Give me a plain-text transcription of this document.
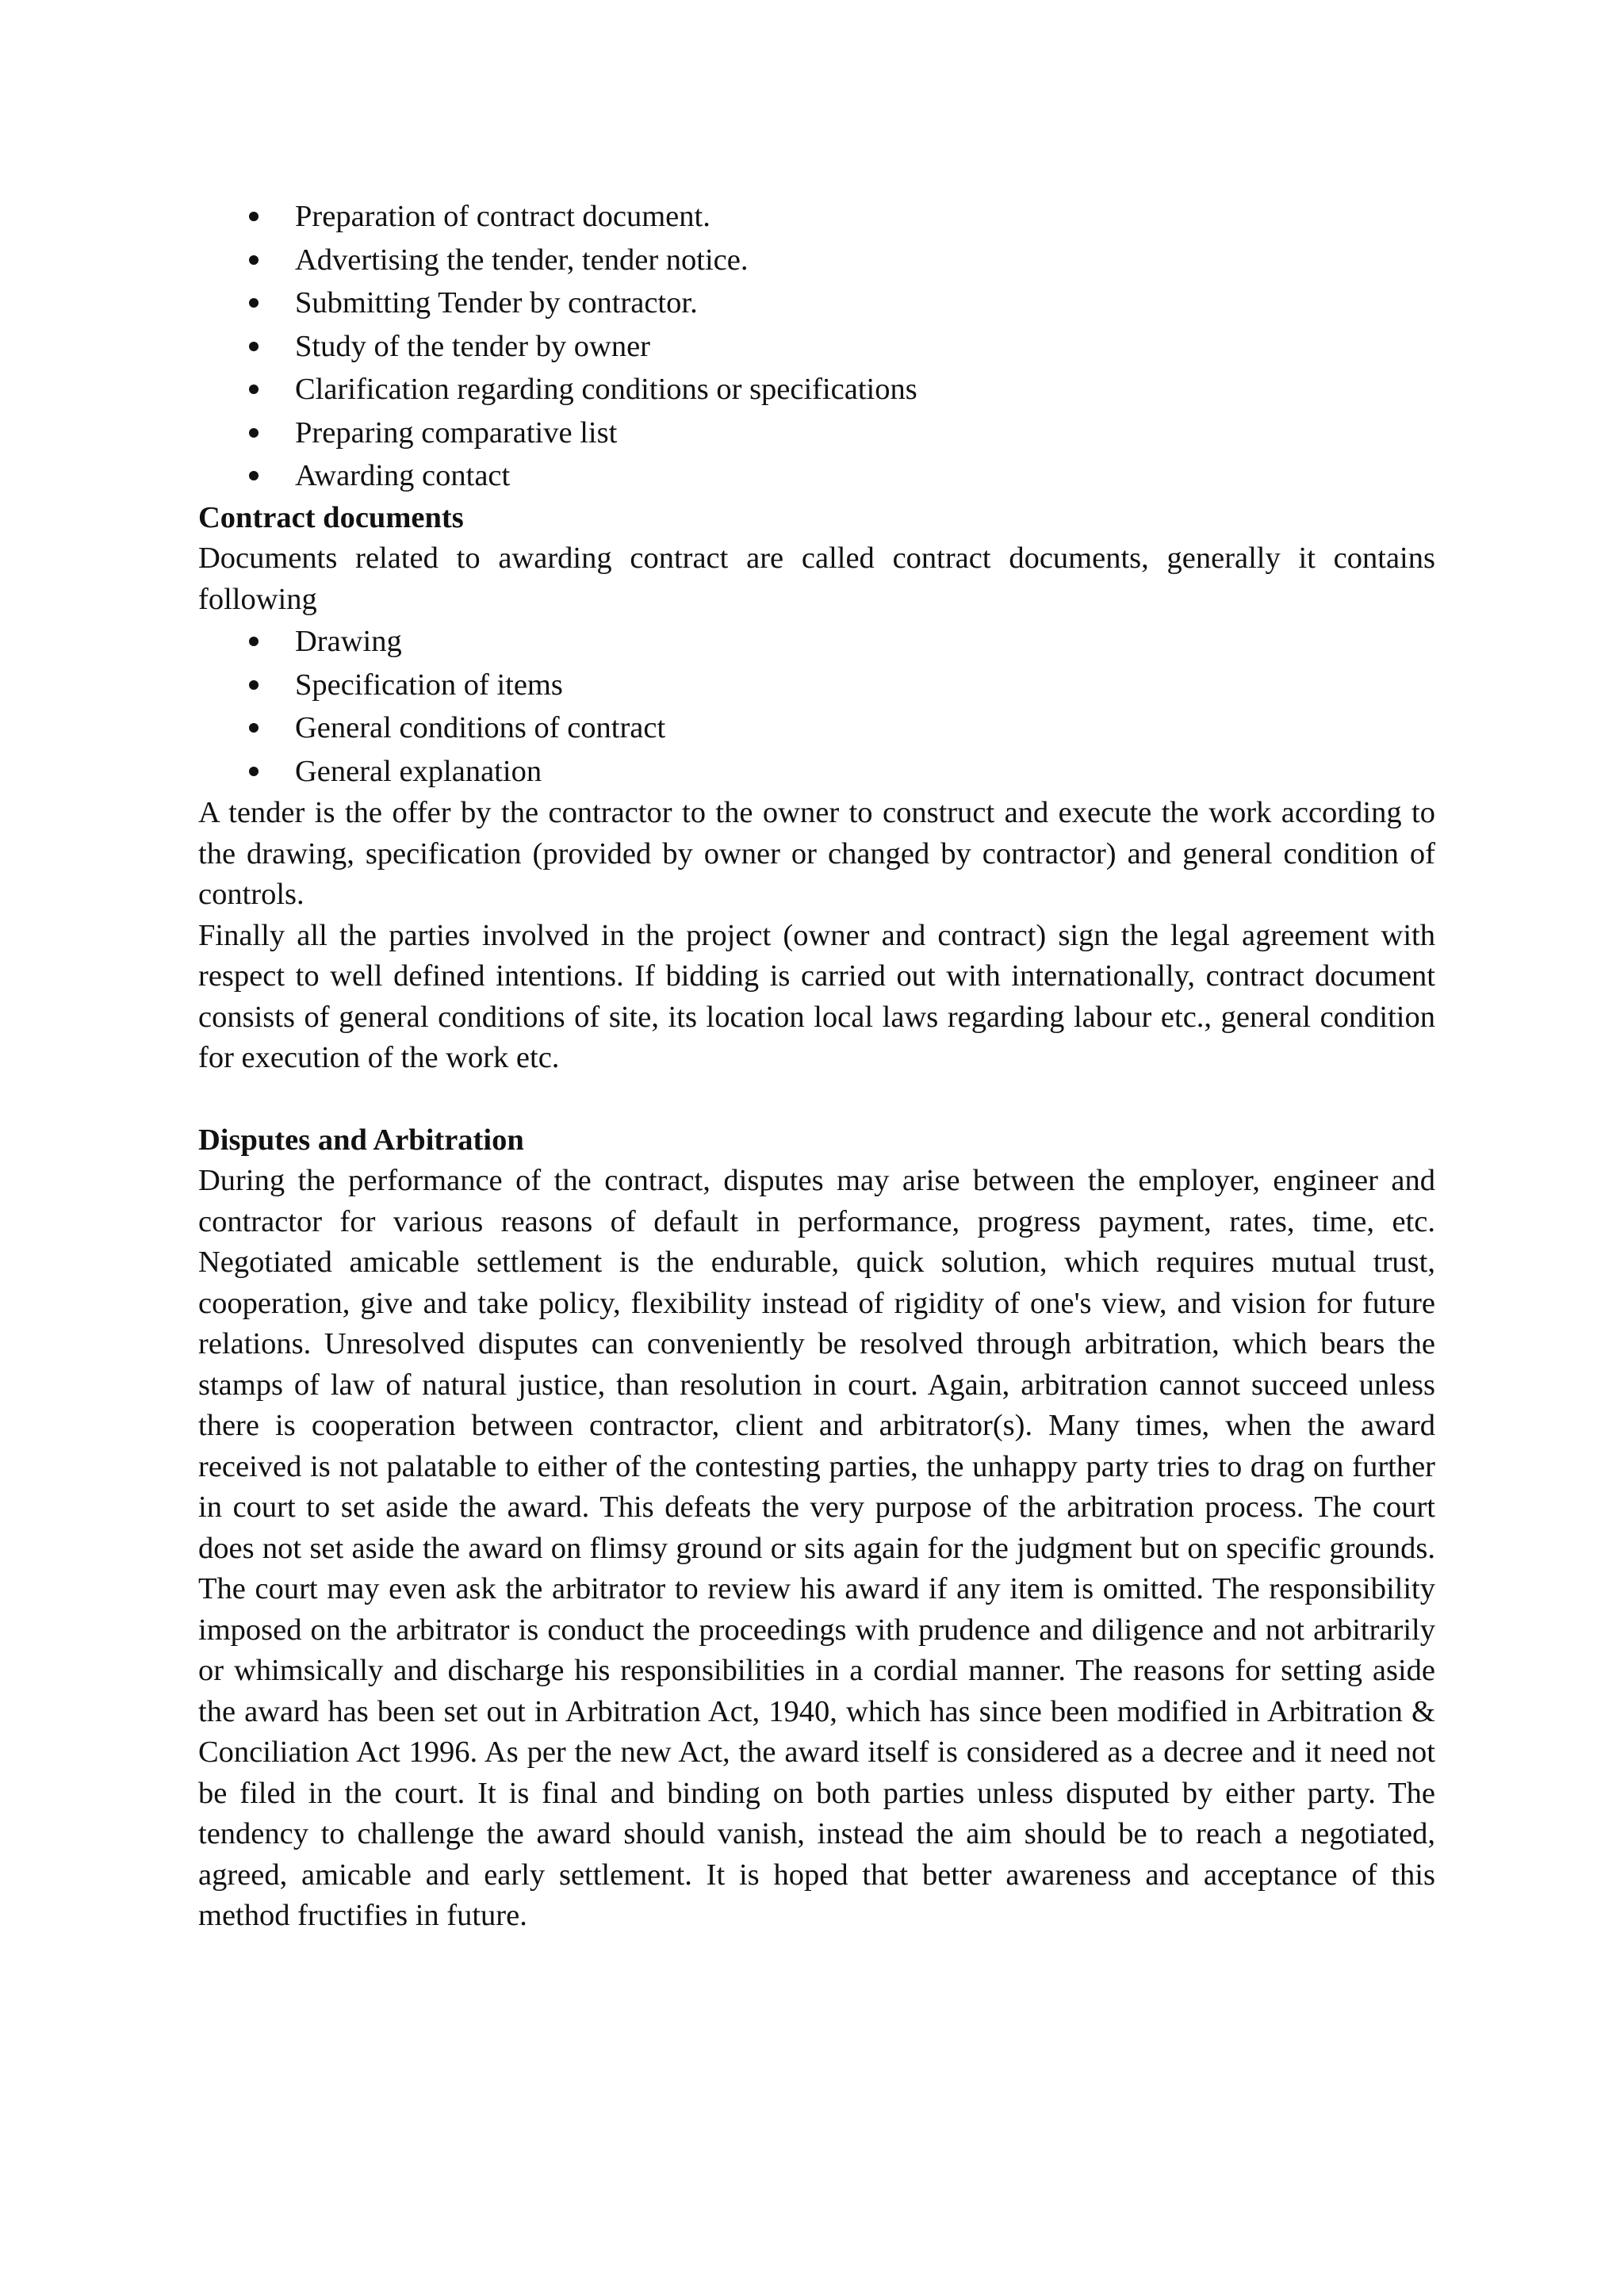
Preparation of contract document.
Advertising the tender, tender notice.
Submitting Tender by contractor.
Study of the tender by owner
Clarification regarding conditions or specifications
Preparing comparative list
Awarding contact
Contract documents

Documents related to awarding contract are called contract documents, generally it contains following

Drawing
Specification of items
General conditions of contract
General explanation

A tender is the offer by the contractor to the owner to construct and execute the work according to the drawing, specification (provided by owner or changed by contractor) and general condition of controls.

Finally all the parties involved in the project (owner and contract) sign the legal agreement with respect to well defined intentions. If bidding is carried out with internationally, contract document consists of general conditions of site, its location local laws regarding labour etc., general condition for execution of the work etc.

Disputes and Arbitration

During the performance of the contract, disputes may arise between the employer, engineer and contractor for various reasons of default in performance, progress payment, rates, time, etc. Negotiated amicable settlement is the endurable, quick solution, which requires mutual trust, cooperation, give and take policy, flexibility instead of rigidity of one's view, and vision for future relations. Unresolved disputes can conveniently be resolved through arbitration, which bears the stamps of law of natural justice, than resolution in court. Again, arbitration cannot succeed unless there is cooperation between contractor, client and arbitrator(s). Many times, when the award received is not palatable to either of the contesting parties, the unhappy party tries to drag on further in court to set aside the award. This defeats the very purpose of the arbitration process. The court does not set aside the award on flimsy ground or sits again for the judgment but on specific grounds. The court may even ask the arbitrator to review his award if any item is omitted. The responsibility imposed on the arbitrator is conduct the proceedings with prudence and diligence and not arbitrarily or whimsically and discharge his responsibilities in a cordial manner. The reasons for setting aside the award has been set out in Arbitration Act, 1940, which has since been modified in Arbitration & Conciliation Act 1996. As per the new Act, the award itself is considered as a decree and it need not be filed in the court. It is final and binding on both parties unless disputed by either party. The tendency to challenge the award should vanish, instead the aim should be to reach a negotiated, agreed, amicable and early settlement. It is hoped that better awareness and acceptance of this method fructifies in future.
